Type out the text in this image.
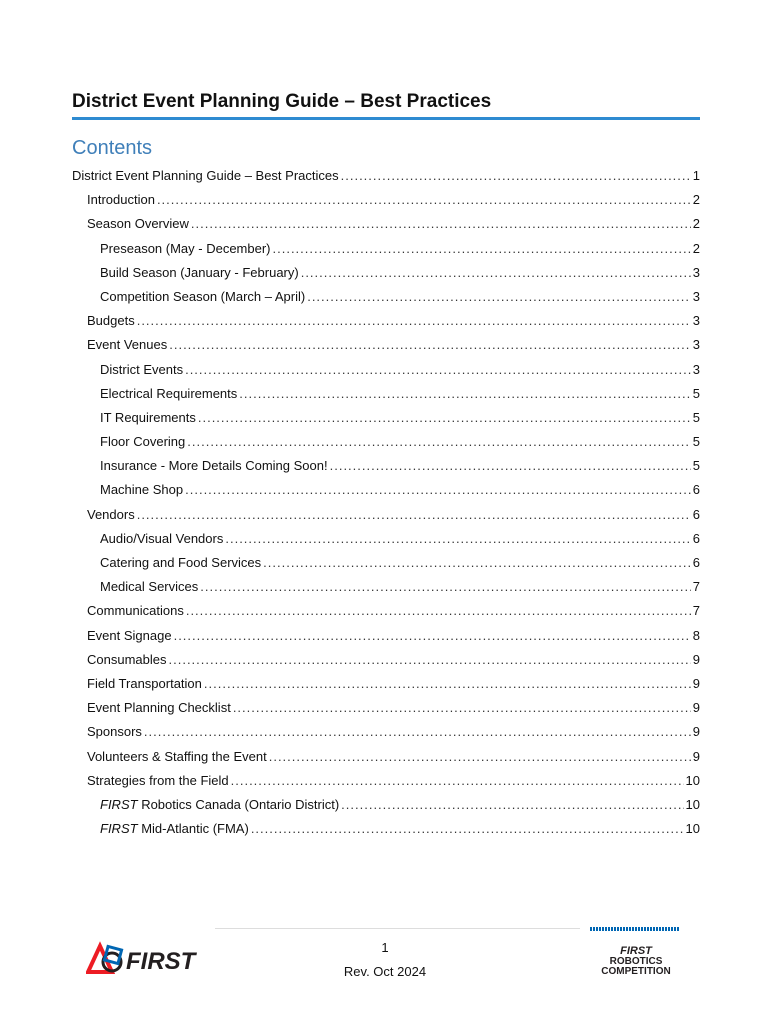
District Event Planning Guide – Best Practices
Contents
District Event Planning Guide – Best Practices .....	1
Introduction .....	2
Season Overview .....	2
Preseason (May - December) .....	2
Build Season (January - February) .....	3
Competition Season (March – April) .....	3
Budgets .....	3
Event Venues .....	3
District Events .....	3
Electrical Requirements .....	5
IT Requirements .....	5
Floor Covering .....	5
Insurance - More Details Coming Soon! .....	5
Machine Shop .....	6
Vendors .....	6
Audio/Visual Vendors .....	6
Catering and Food Services .....	6
Medical Services .....	7
Communications .....	7
Event Signage .....	8
Consumables .....	9
Field Transportation .....	9
Event Planning Checklist .....	9
Sponsors .....	9
Volunteers & Staffing the Event .....	9
Strategies from the Field .....	10
FIRST Robotics Canada (Ontario District) .....	10
FIRST Mid-Atlantic (FMA) .....	10
FIRST
1
Rev. Oct 2024
FIRST
ROBOTICS
COMPETITION
